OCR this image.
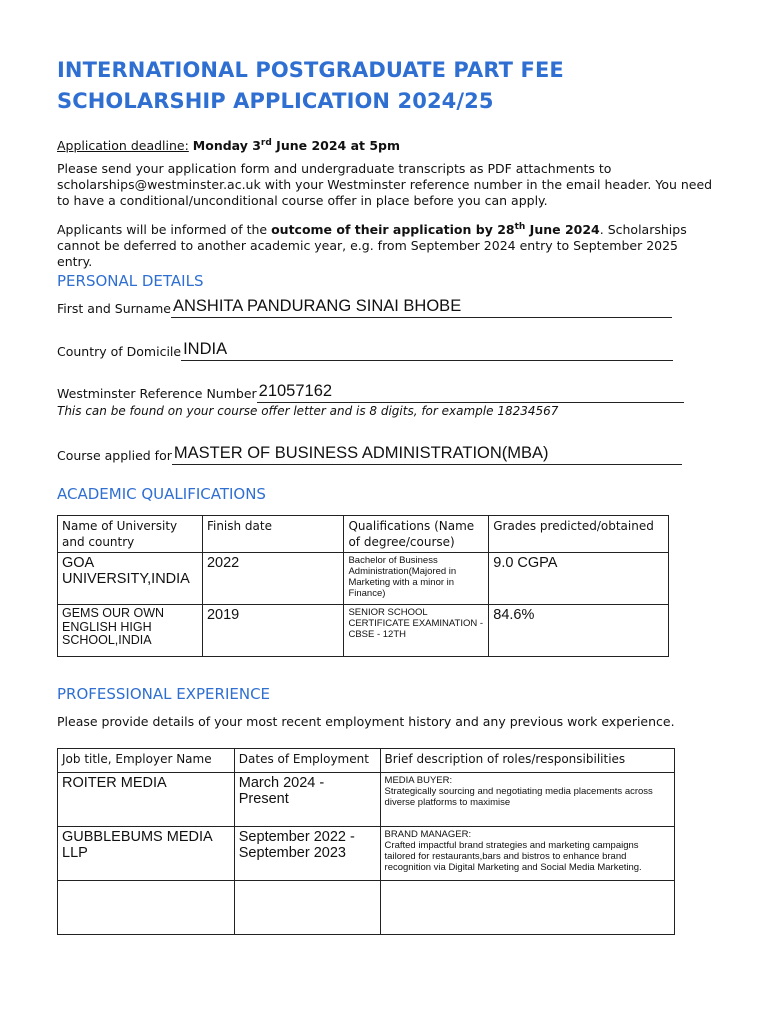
INTERNATIONAL POSTGRADUATE PART FEE
SCHOLARSHIP APPLICATION 2024/25
Application deadline: Monday 3rd June 2024 at 5pm
Please send your application form and undergraduate transcripts as PDF attachments to scholarships@westminster.ac.uk with your Westminster reference number in the email header. You need to have a conditional/unconditional course offer in place before you can apply.
Applicants will be informed of the outcome of their application by 28th June 2024. Scholarships cannot be deferred to another academic year, e.g. from September 2024 entry to September 2025 entry.
PERSONAL DETAILS
First and Surname ANSHITA PANDURANG SINAI BHOBE
Country of Domicile INDIA
Westminster Reference Number 21057162
This can be found on your course offer letter and is 8 digits, for example 18234567
Course applied for MASTER OF BUSINESS ADMINISTRATION(MBA)
ACADEMIC QUALIFICATIONS
Name of University and country	Finish date	Qualifications (Name of degree/course)	Grades predicted/obtained
GOA UNIVERSITY,INDIA	2022	Bachelor of Business Administration(Majored in Marketing with a minor in Finance)	9.0 CGPA
GEMS OUR OWN ENGLISH HIGH SCHOOL,INDIA	2019	SENIOR SCHOOL CERTIFICATE EXAMINATION - CBSE - 12TH	84.6%
PROFESSIONAL EXPERIENCE
Please provide details of your most recent employment history and any previous work experience.
Job title, Employer Name	Dates of Employment	Brief description of roles/responsibilities
ROITER MEDIA	March 2024 - Present	MEDIA BUYER:
Strategically sourcing and negotiating media placements across diverse platforms to maximise
GUBBLEBUMS MEDIA LLP	September 2022 - September 2023	BRAND MANAGER:
Crafted impactful brand strategies and marketing campaigns tailored for restaurants,bars and bistros to enhance brand recognition via Digital Marketing and Social Media Marketing.
